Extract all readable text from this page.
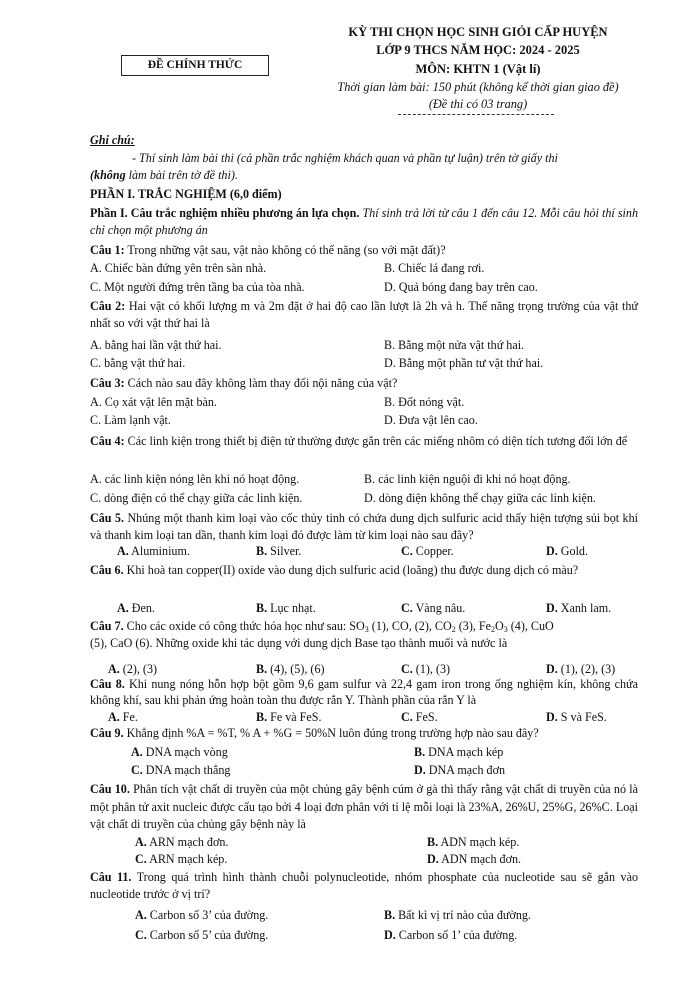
ĐỀ CHÍNH THỨC
KỲ THI CHỌN HỌC SINH GIỎI CẤP HUYỆN
LỚP 9 THCS NĂM HỌC: 2024 - 2025
MÔN: KHTN 1 (Vật lí)
Thời gian làm bài: 150 phút (không kể thời gian giao đề)
(Đề thi có 03 trang)
Ghi chú:
- Thí sinh làm bài thi (cả phần trắc nghiệm khách quan và phần tự luận) trên tờ giấy thi
(không làm bài trên tờ đề thi).
PHẦN I. TRẮC NGHIỆM (6,0 điểm)
Phần I. Câu trắc nghiệm nhiều phương án lựa chọn. Thí sinh trả lời từ câu 1 đến câu 12. Mỗi câu hỏi thí sinh chỉ chọn một phương án
Câu 1: Trong những vật sau, vật nào không có thế năng (so với mặt đất)?
A. Chiếc bàn đứng yên trên sàn nhà.	B. Chiếc lá đang rơi.
C. Một người đứng trên tầng ba của tòa nhà.	D. Quả bóng đang bay trên cao.
Câu 2: Hai vật có khối lượng m và 2m đặt ở hai độ cao lần lượt là 2h và h. Thế năng trọng trường của vật thứ nhất so với vật thứ hai là
A. bằng hai lần vật thứ hai.	B. Bằng một nửa vật thứ hai.
C. bằng vật thứ hai.	D. Bằng một phần tư vật thứ hai.
Câu 3: Cách nào sau đây không làm thay đổi nội năng của vật?
A. Cọ xát vật lên mặt bàn.	B. Đốt nóng vật.
C. Làm lạnh vật.	D. Đưa vật lên cao.
Câu 4: Các linh kiện trong thiết bị điện tử thường được gắn trên các miếng nhôm có diện tích tương đối lớn để
A. các linh kiện nóng lên khi nó hoạt động.	B. các linh kiện nguội đi khi nó hoạt động.
C. dòng điện có thể chạy giữa các linh kiện.	D. dòng điện không thể chạy giữa các linh kiện.
Câu 5. Nhúng một thanh kim loại vào cốc thủy tinh có chứa dung dịch sulfuric acid thấy hiện tượng sủi bọt khí và thanh kim loại tan dần, thanh kim loại đó được làm từ kim loại nào sau đây?
A. Aluminium.	B. Silver.	C. Copper.	D. Gold.
Câu 6. Khi hoà tan copper(II) oxide vào dung dịch sulfuric acid (loãng) thu được dung dịch có màu?
A. Đen.	B. Lục nhạt.	C. Vàng nâu.	D. Xanh lam.
Câu 7. Cho các oxide có công thức hóa học như sau: $SO_3$ (1), CO, (2), $CO_2$ (3), $Fe_2O_3$ (4), CuO
(5), CaO (6). Những oxide khi tác dụng với dung dịch Base tạo thành muối và nước là
A. (2), (3)	B. (4), (5), (6)	C. (1), (3)	D. (1), (2), (3)
Câu 8. Khi nung nóng hỗn hợp bột gồm 9,6 gam sulfur và 22,4 gam iron trong ống nghiệm kín, không chứa không khí, sau khi phản ứng hoàn toàn thu được rắn Y. Thành phần của rắn Y là
A. Fe.	B. Fe và FeS.	C. FeS.	D. S và FeS.
Câu 9. Khẳng định %A = %T, % A + %G = 50%N luôn đúng trong trường hợp nào sau đây?
A. DNA mạch vòng	B. DNA mạch kép
C. DNA mạch thẳng	D. DNA mạch đơn
Câu 10. Phân tích vật chất di truyền của một chủng gây bệnh cúm ở gà thì thấy rằng vật chất di truyền của nó là một phân tử axit nucleic được cấu tạo bởi 4 loại đơn phân với tỉ lệ mỗi loại là 23%A, 26%U, 25%G, 26%C. Loại vật chất di truyền của chủng gây bệnh này là
A. ARN mạch đơn.	B. ADN mạch kép.
C. ARN mạch kép.	D. ADN mạch đơn.
Câu 11. Trong quá trình hình thành chuỗi polynucleotide, nhóm phosphate của nucleotide sau sẽ gắn vào nucleotide trước ở vị trí?
A. Carbon số 3’ của đường.	B. Bất kì vị trí nào của đường.
C. Carbon số 5’ của đường.	D. Carbon số 1’ của đường.
